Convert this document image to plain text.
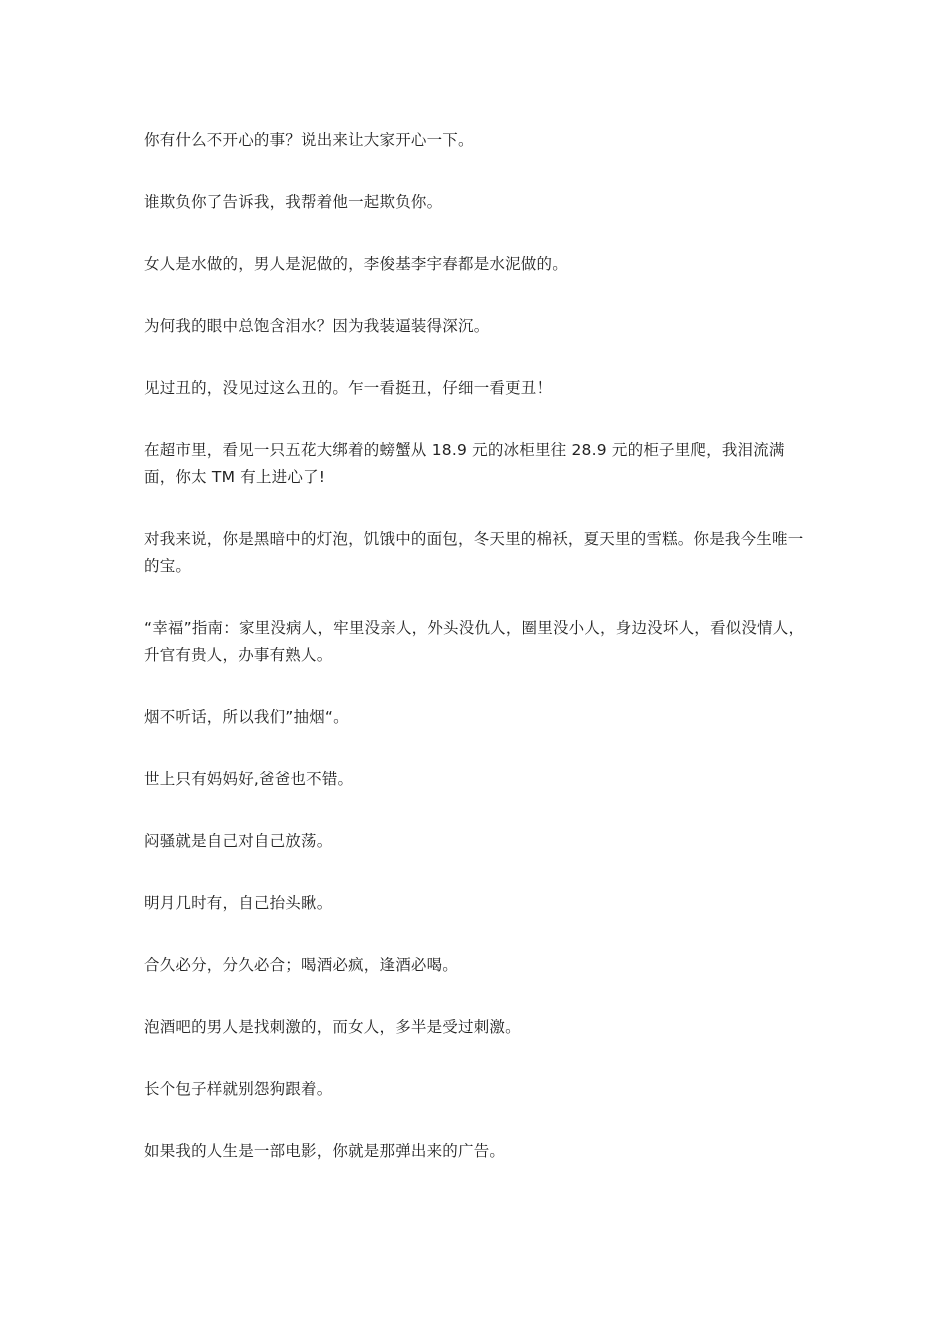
你有什么不开心的事？说出来让大家开心一下。

谁欺负你了告诉我，我帮着他一起欺负你。

女人是水做的，男人是泥做的，李俊基李宇春都是水泥做的。

为何我的眼中总饱含泪水？因为我装逼装得深沉。

见过丑的，没见过这么丑的。乍一看挺丑，仔细一看更丑！

在超市里，看见一只五花大绑着的螃蟹从 18.9 元的冰柜里往 28.9 元的柜子里爬，我泪流满面，你太 TM 有上进心了!

对我来说，你是黑暗中的灯泡，饥饿中的面包，冬天里的棉袄，夏天里的雪糕。你是我今生唯一的宝。

“幸福”指南：家里没病人，牢里没亲人，外头没仇人，圈里没小人，身边没坏人，看似没情人，升官有贵人，办事有熟人。

烟不听话，所以我们”抽烟“。

世上只有妈妈好,爸爸也不错。

闷骚就是自己对自己放荡。

明月几时有，自己抬头瞅。

合久必分，分久必合；喝酒必疯，逢酒必喝。

泡酒吧的男人是找刺激的，而女人，多半是受过刺激。

长个包子样就别怨狗跟着。

如果我的人生是一部电影，你就是那弹出来的广告。
